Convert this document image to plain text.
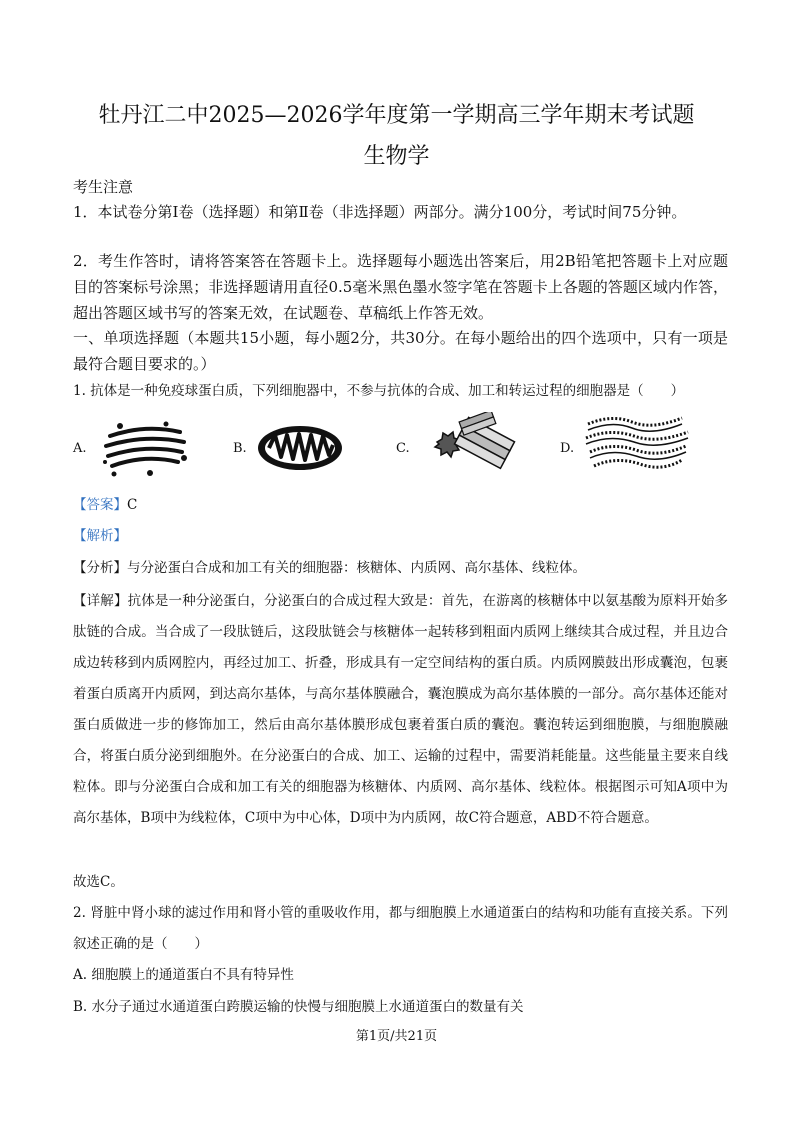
牡丹江二中2025—2026学年度第一学期高三学年期末考试题
生物学
考生注意
1．本试卷分第Ⅰ卷（选择题）和第Ⅱ卷（非选择题）两部分。满分100分，考试时间75分钟。
2．考生作答时，请将答案答在答题卡上。选择题每小题选出答案后，用2B铅笔把答题卡上对应题目的答案标号涂黑；非选择题请用直径0.5毫米黑色墨水签字笔在答题卡上各题的答题区域内作答，超出答题区域书写的答案无效，在试题卷、草稿纸上作答无效。
一、单项选择题（本题共15小题，每小题2分，共30分。在每小题给出的四个选项中，只有一项是最符合题目要求的。）
1. 抗体是一种免疫球蛋白质，下列细胞器中，不参与抗体的合成、加工和转运过程的细胞器是（　　）
A.	B.	C.	D.
【答案】C
【解析】
【分析】与分泌蛋白合成和加工有关的细胞器：核糖体、内质网、高尔基体、线粒体。
【详解】抗体是一种分泌蛋白，分泌蛋白的合成过程大致是：首先，在游离的核糖体中以氨基酸为原料开始多肽链的合成。当合成了一段肽链后，这段肽链会与核糖体一起转移到粗面内质网上继续其合成过程，并且边合成边转移到内质网腔内，再经过加工、折叠，形成具有一定空间结构的蛋白质。内质网膜鼓出形成囊泡，包裹着蛋白质离开内质网，到达高尔基体，与高尔基体膜融合，囊泡膜成为高尔基体膜的一部分。高尔基体还能对蛋白质做进一步的修饰加工，然后由高尔基体膜形成包裹着蛋白质的囊泡。囊泡转运到细胞膜，与细胞膜融合，将蛋白质分泌到细胞外。在分泌蛋白的合成、加工、运输的过程中，需要消耗能量。这些能量主要来自线粒体。即与分泌蛋白合成和加工有关的细胞器为核糖体、内质网、高尔基体、线粒体。根据图示可知A项中为高尔基体，B项中为线粒体，C项中为中心体，D项中为内质网，故C符合题意，ABD不符合题意。
故选C。
2. 肾脏中肾小球的滤过作用和肾小管的重吸收作用，都与细胞膜上水通道蛋白的结构和功能有直接关系。下列叙述正确的是（　　）
A. 细胞膜上的通道蛋白不具有特异性
B. 水分子通过水通道蛋白跨膜运输的快慢与细胞膜上水通道蛋白的数量有关
第1页/共21页
